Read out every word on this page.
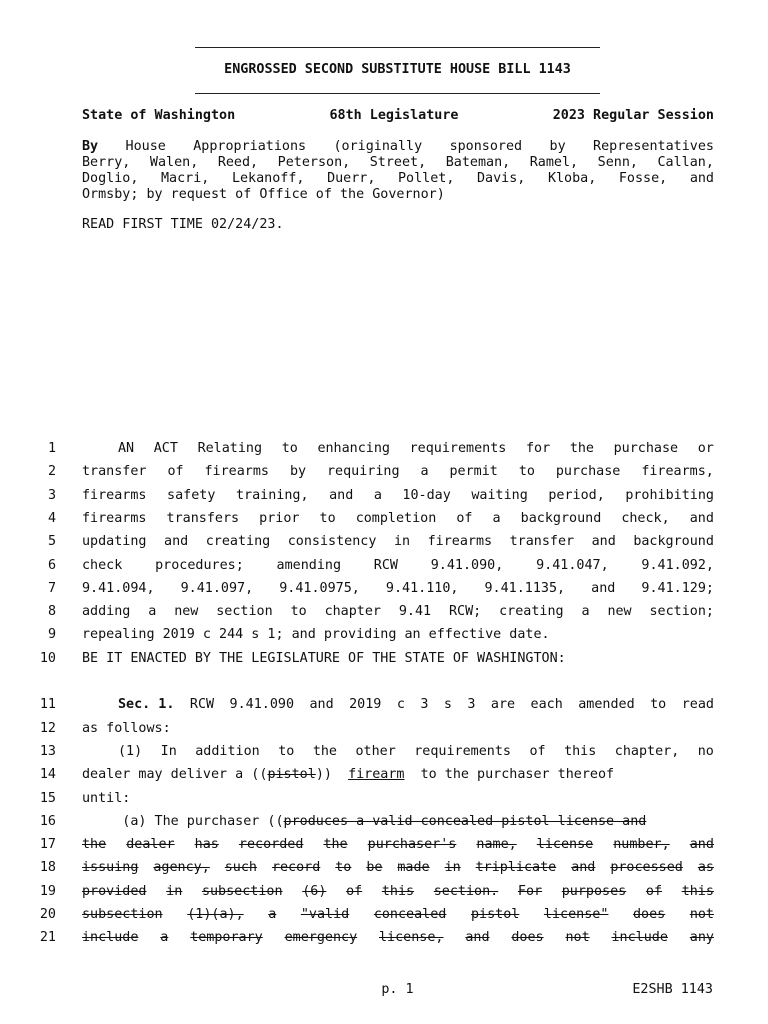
ENGROSSED SECOND SUBSTITUTE HOUSE BILL 1143
State of Washington	68th Legislature	2023 Regular Session
By House Appropriations (originally sponsored by Representatives
Berry, Walen, Reed, Peterson, Street, Bateman, Ramel, Senn, Callan,
Doglio, Macri, Lekanoff, Duerr, Pollet, Davis, Kloba, Fosse, and
Ormsby; by request of Office of the Governor)
READ FIRST TIME 02/24/23.
1	AN ACT Relating to enhancing requirements for the purchase or
2 transfer of firearms by requiring a permit to purchase firearms,
3 firearms safety training, and a 10-day waiting period, prohibiting
4 firearms transfers prior to completion of a background check, and
5 updating and creating consistency in firearms transfer and background
6 check procedures; amending RCW 9.41.090, 9.41.047, 9.41.092,
7 9.41.094, 9.41.097, 9.41.0975, 9.41.110, 9.41.1135, and 9.41.129;
8 adding a new section to chapter 9.41 RCW; creating a new section;
9 repealing 2019 c 244 s 1; and providing an effective date.
10 BE IT ENACTED BY THE LEGISLATURE OF THE STATE OF WASHINGTON:
11	Sec. 1. RCW 9.41.090 and 2019 c 3 s 3 are each amended to read
12 as follows:
13	(1) In addition to the other requirements of this chapter, no
14 dealer may deliver a ((pistol))  firearm  to the purchaser thereof
15 until:
16 (a) The purchaser ((produces a valid concealed pistol license and
17 the dealer has recorded the purchaser's name, license number, and
18 issuing agency, such record to be made in triplicate and processed as
19 provided in subsection (6) of this section. For purposes of this
20 subsection (1)(a), a "valid concealed pistol license" does not
21 include a temporary emergency license, and does not include any
p. 1	E2SHB 1143
